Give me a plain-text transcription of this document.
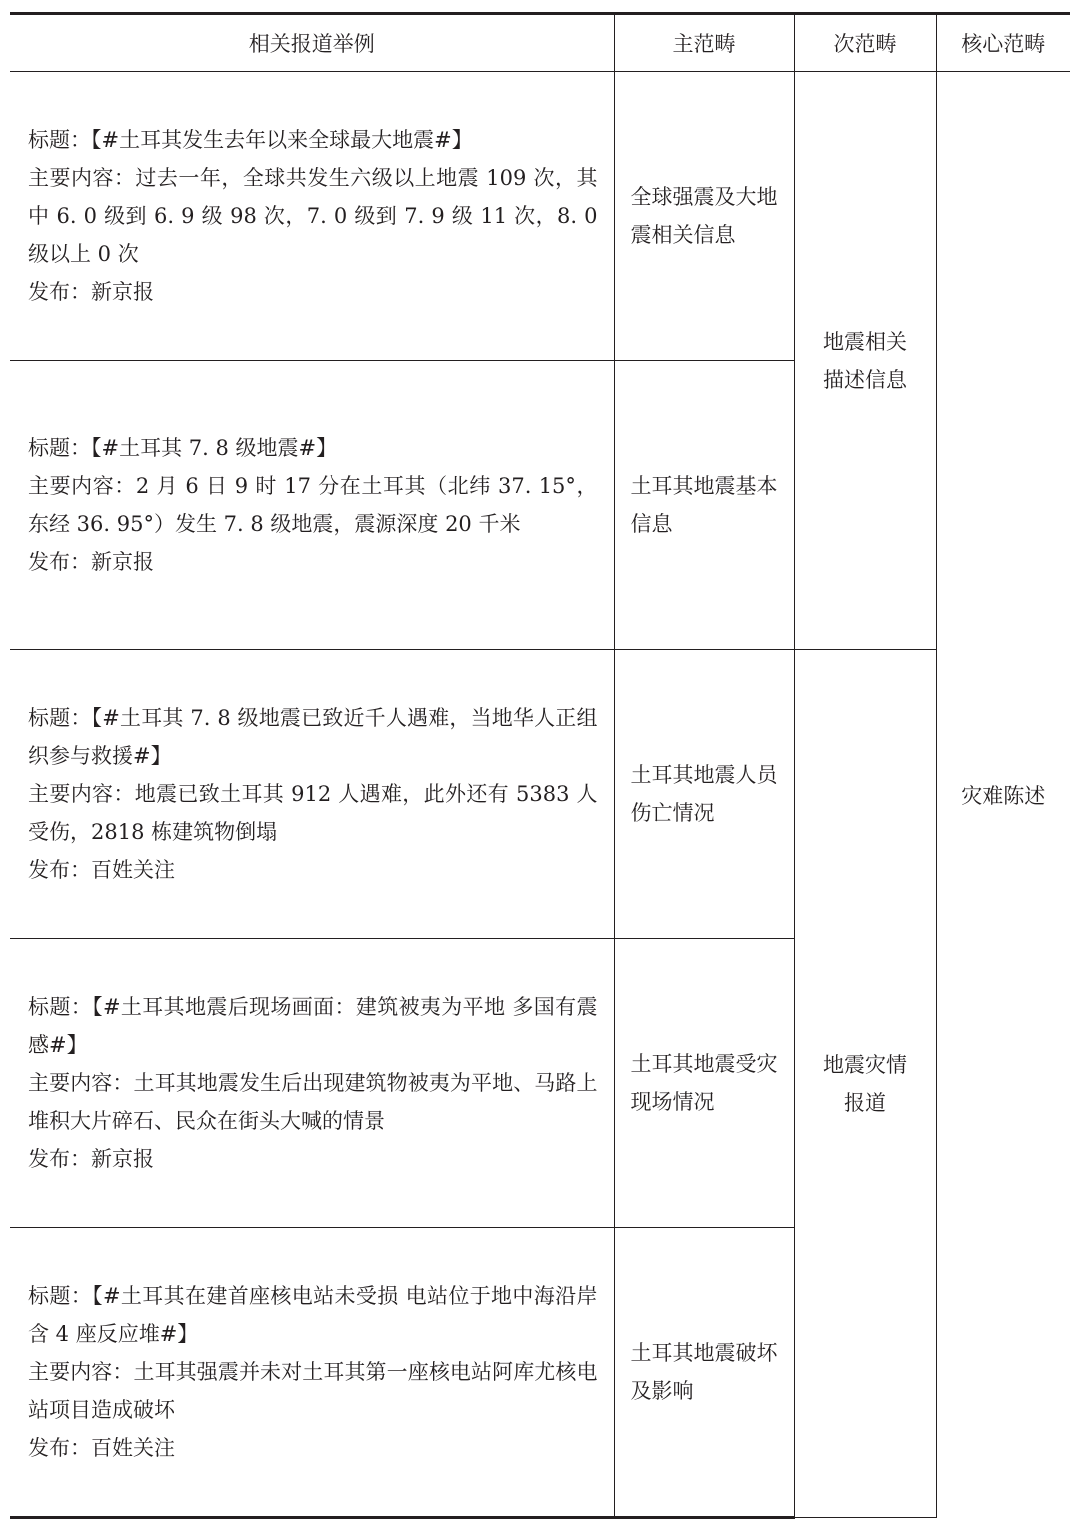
相关报道举例	主范畴	次范畴	核心范畴

标题：【#土耳其发生去年以来全球最大地震#】
主要内容：过去一年，全球共发生六级以上地震 109 次，其中 6. 0 级到 6. 9 级 98 次，7. 0 级到 7. 9 级 11 次，8. 0 级以上 0 次
发布：新京报	全球强震及大地震相关信息	地震相关描述信息	灾难陈述

标题：【#土耳其 7. 8 级地震#】
主要内容：2 月 6 日 9 时 17 分在土耳其（北纬 37. 15°，东经 36. 95°）发生 7. 8 级地震，震源深度 20 千米
发布：新京报	土耳其地震基本信息		

标题：【#土耳其 7. 8 级地震已致近千人遇难，当地华人正组织参与救援#】
主要内容：地震已致土耳其 912 人遇难，此外还有 5383 人受伤，2818 栋建筑物倒塌
发布：百姓关注	土耳其地震人员伤亡情况	地震灾情报道	

标题：【#土耳其地震后现场画面：建筑被夷为平地 多国有震感#】
主要内容：土耳其地震发生后出现建筑物被夷为平地、马路上堆积大片碎石、民众在街头大喊的情景
发布：新京报	土耳其地震受灾现场情况		

标题：【#土耳其在建首座核电站未受损 电站位于地中海沿岸含 4 座反应堆#】
主要内容：土耳其强震并未对土耳其第一座核电站阿库尤核电站项目造成破坏
发布：百姓关注	土耳其地震破坏及影响		
